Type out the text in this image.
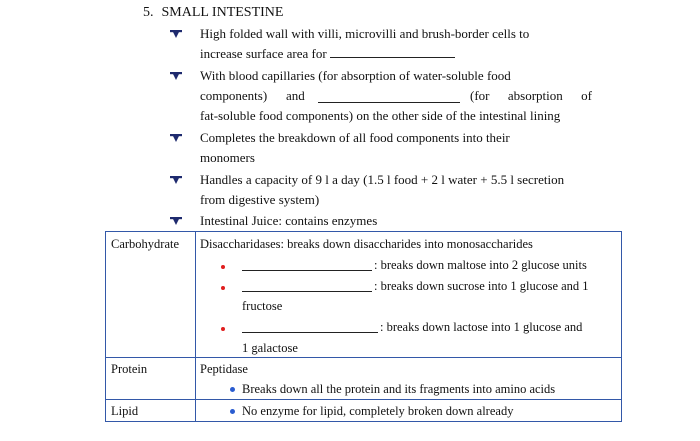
5. SMALL INTESTINE
High folded wall with villi, microvilli and brush-border cells to
increase surface area for
With blood capillaries (for absorption of water-soluble food
components) and	(for absorption of
fat-soluble food components) on the other side of the intestinal lining
Completes the breakdown of all food components into their
monomers
Handles a capacity of 9 l a day (1.5 l food + 2 l water + 5.5 l secretion
from digestive system)
Intestinal Juice: contains enzymes
Carbohydrate Disaccharidases: breaks down disaccharides into monosaccharides
: breaks down maltose into 2 glucose units
: breaks down sucrose into 1 glucose and 1
fructose
: breaks down lactose into 1 glucose and
1 galactose
Protein	Peptidase
Breaks down all the protein and its fragments into amino acids
Lipid	No enzyme for lipid, completely broken down already
